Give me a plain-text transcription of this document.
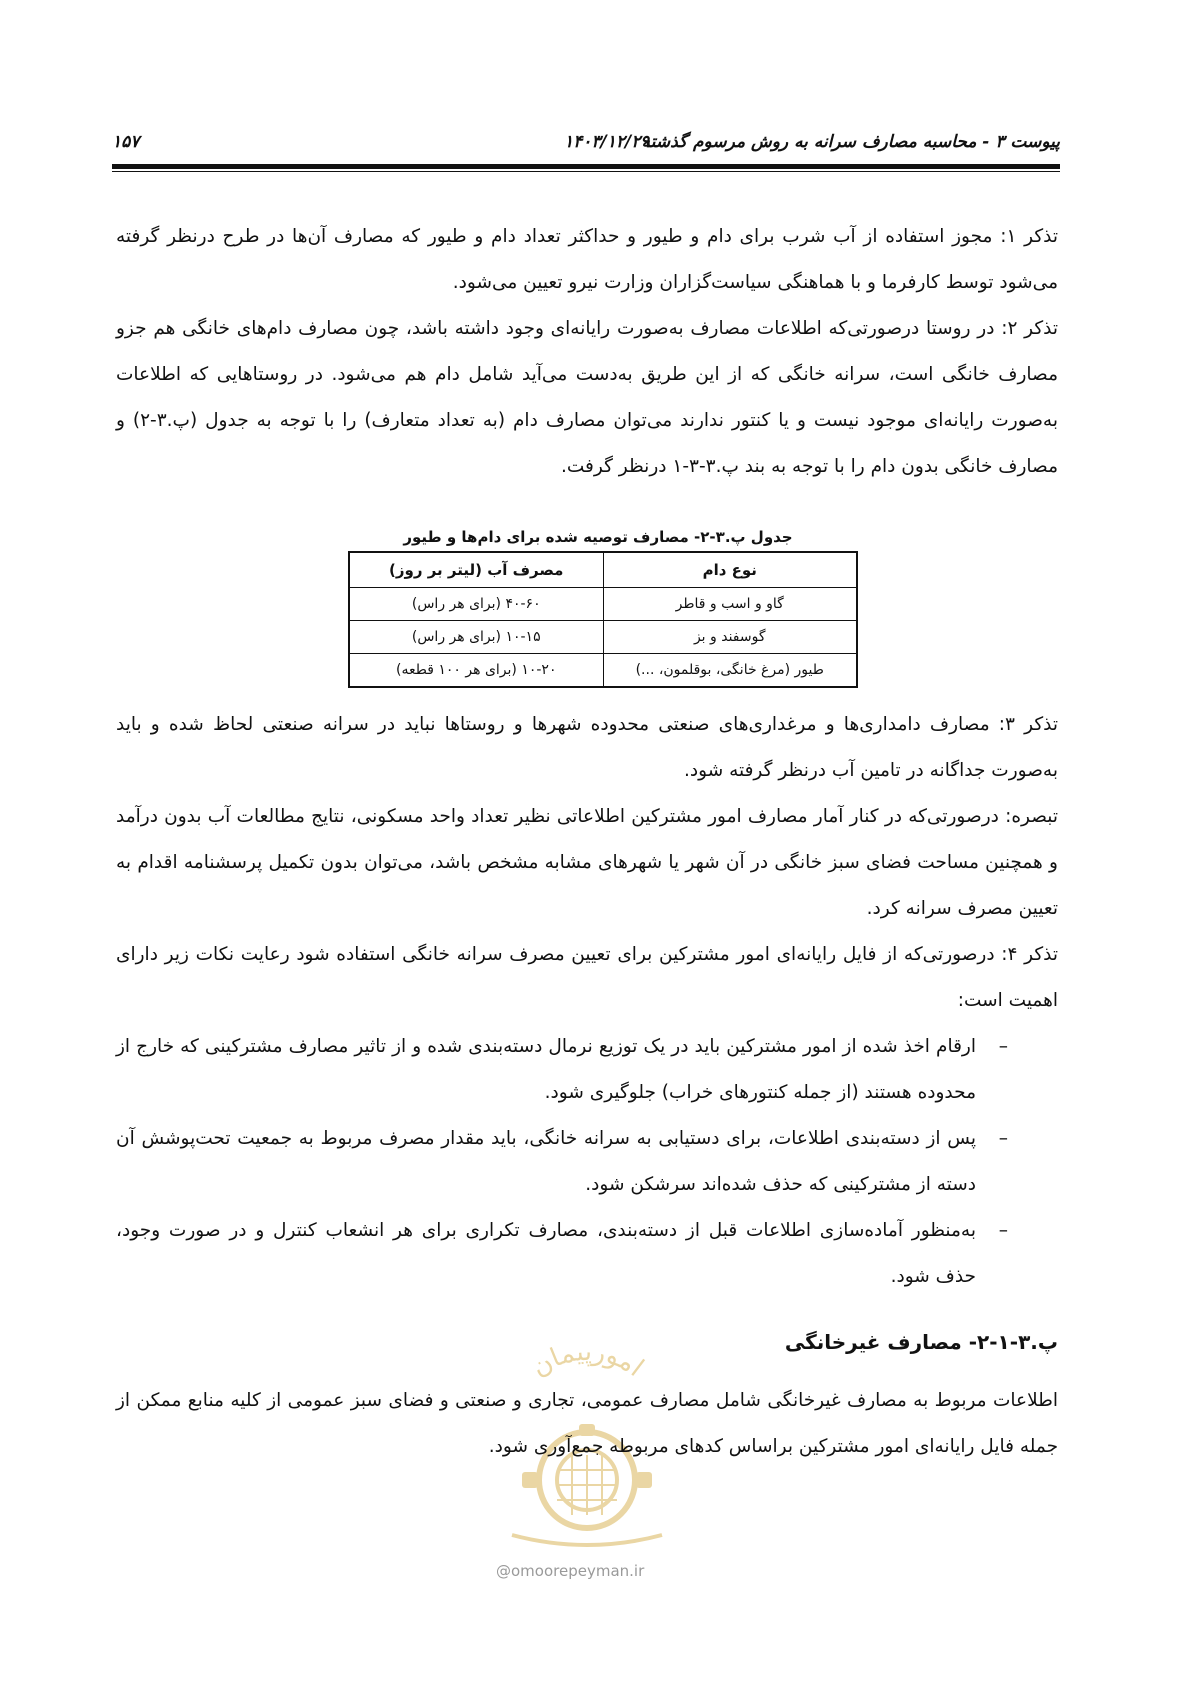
پیوست ۳ - محاسبه مصارف سرانه به روش مرسوم گذشته
۱۴۰۳/۱۲/۲۹
۱۵۷

تذکر ۱: مجوز استفاده از آب شرب برای دام و طیور و حداکثر تعداد دام و طیور که مصارف آن‌ها در طرح درنظر گرفته می‌شود توسط کارفرما و با هماهنگی سیاست‌گزاران وزارت نیرو تعیین می‌شود.

تذکر ۲: در روستا درصورتی‌که اطلاعات مصارف به‌صورت رایانه‌ای وجود داشته باشد، چون مصارف دام‌های خانگی هم جزو مصارف خانگی است، سرانه خانگی که از این طریق به‌دست می‌آید شامل دام هم می‌شود. در روستاهایی که اطلاعات به‌صورت رایانه‌ای موجود نیست و یا کنتور ندارند می‌توان مصارف دام (به تعداد متعارف) را با توجه به جدول (پ.۳-۲) و مصارف خانگی بدون دام را با توجه به بند پ.۳-۳-۱ درنظر گرفت.

جدول پ.۳-۲- مصارف توصیه شده برای دام‌ها و طیور
نوع دام	مصرف آب (لیتر بر روز)
گاو و اسب و قاطر	۴۰-۶۰ (برای هر راس)
گوسفند و بز	۱۰-۱۵ (برای هر راس)
طیور (مرغ خانگی، بوقلمون، ...)	۱۰-۲۰ (برای هر ۱۰۰ قطعه)

تذکر ۳: مصارف دامداری‌ها و مرغداری‌های صنعتی محدوده شهرها و روستاها نباید در سرانه صنعتی لحاظ شده و باید به‌صورت جداگانه در تامین آب درنظر گرفته شود.

تبصره: درصورتی‌که در کنار آمار مصارف امور مشترکین اطلاعاتی نظیر تعداد واحد مسکونی، نتایج مطالعات آب بدون درآمد و همچنین مساحت فضای سبز خانگی در آن شهر یا شهرهای مشابه مشخص باشد، می‌توان بدون تکمیل پرسشنامه اقدام به تعیین مصرف سرانه کرد.

تذکر ۴: درصورتی‌که از فایل رایانه‌ای امور مشترکین برای تعیین مصرف سرانه خانگی استفاده شود رعایت نکات زیر دارای اهمیت است:

–
ارقام اخذ شده از امور مشترکین باید در یک توزیع نرمال دسته‌بندی شده و از تاثیر مصارف مشترکینی که خارج از محدوده هستند (از جمله کنتورهای خراب) جلوگیری شود.
–
پس از دسته‌بندی اطلاعات، برای دستیابی به سرانه خانگی، باید مقدار مصرف مربوط به جمعیت تحت‌پوشش آن دسته از مشترکینی که حذف شده‌اند سرشکن شود.
–
به‌منظور آماده‌سازی اطلاعات قبل از دسته‌بندی، مصارف تکراری برای هر انشعاب کنترل و در صورت وجود، حذف شود.
پ.۳-۱-۲- مصارف غیرخانگی
امورپیمان
@omoorepeyman.ir

اطلاعات مربوط به مصارف غیرخانگی شامل مصارف عمومی، تجاری و صنعتی و فضای سبز عمومی از کلیه منابع ممکن از جمله فایل رایانه‌ای امور مشترکین براساس کدهای مربوطه جمع‌آوری شود.
